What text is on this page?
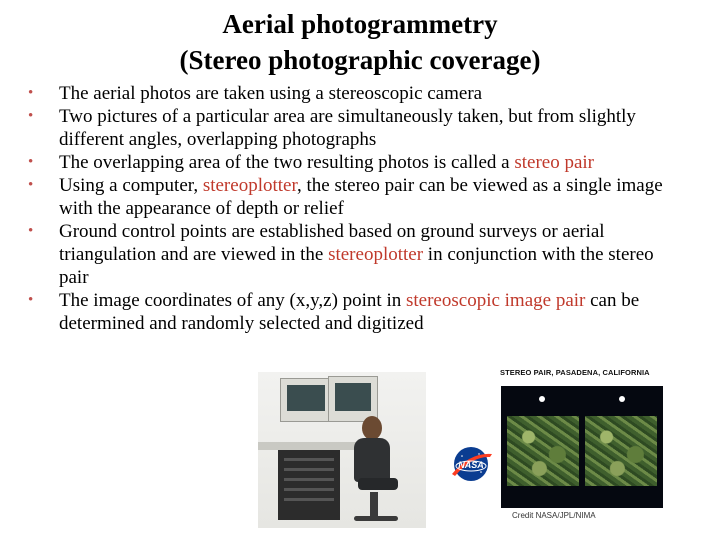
Aerial photogrammetry
(Stereo photographic coverage)
• The aerial photos are taken using a stereoscopic camera
• Two pictures of a particular area are simultaneously taken, but from slightly different angles, overlapping photographs
• The overlapping area of the two resulting photos is called a stereo pair
• Using a computer, stereoplotter, the stereo pair can be viewed as a single image with the appearance of depth or relief
• Ground control points are established based on ground surveys or aerial triangulation and are viewed in the stereoplotter in conjunction with the stereo pair
• The image coordinates of any (x,y,z) point in stereoscopic image pair can be determined and randomly selected and digitized
NASA
STEREO PAIR, PASADENA, CALIFORNIA
Credit NASA/JPL/NIMA
